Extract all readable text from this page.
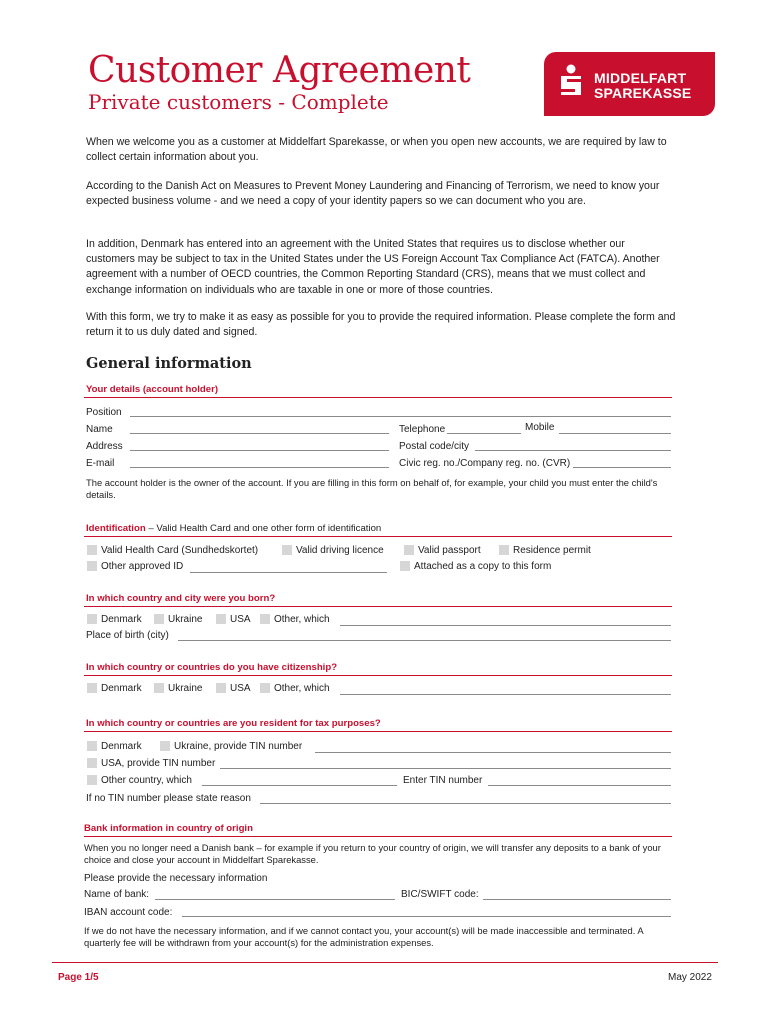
Customer Agreement
Private customers - Complete
MIDDELFART
SPAREKASSE
When we welcome you as a customer at Middelfart Sparekasse, or when you open new accounts, we are required by law to collect certain information about you.
According to the Danish Act on Measures to Prevent Money Laundering and Financing of Terrorism, we need to know your expected business volume - and we need a copy of your identity papers so we can document who you are.
In addition, Denmark has entered into an agreement with the United States that requires us to disclose whether our customers may be subject to tax in the United States under the US Foreign Account Tax Compliance Act (FATCA). Another agreement with a number of OECD countries, the Common Reporting Standard (CRS), means that we must collect and exchange information on individuals who are taxable in one or more of those countries.
With this form, we try to make it as easy as possible for you to provide the required information. Please complete the form and return it to us duly dated and signed.
General information
Your details (account holder)
Position
Name	Telephone	Mobile
Address	Postal code/city
E-mail	Civic reg. no./Company reg. no. (CVR)
The account holder is the owner of the account. If you are filling in this form on behalf of, for example, your child you must enter the child's details.
Identification – Valid Health Card and one other form of identification
Valid Health Card (Sundhedskortet)	Valid driving licence	Valid passport	Residence permit
Other approved ID	Attached as a copy to this form
In which country and city were you born?
Denmark	Ukraine	USA Other, which
Place of birth (city)
In which country or countries do you have citizenship?
Denmark	Ukraine	USA Other, which
In which country or countries are you resident for tax purposes?
Denmark	Ukraine, provide TIN number
USA, provide TIN number
Other country, which	Enter TIN number
If no TIN number please state reason
Bank information in country of origin
When you no longer need a Danish bank – for example if you return to your country of origin, we will transfer any deposits to a bank of your choice and close your account in Middelfart Sparekasse.
Please provide the necessary information
Name of bank:	BIC/SWIFT code:
IBAN account code:
If we do not have the necessary information, and if we cannot contact you, your account(s) will be made inaccessible and terminated. A quarterly fee will be withdrawn from your account(s) for the administration expenses.
Page 1/5	May 2022
